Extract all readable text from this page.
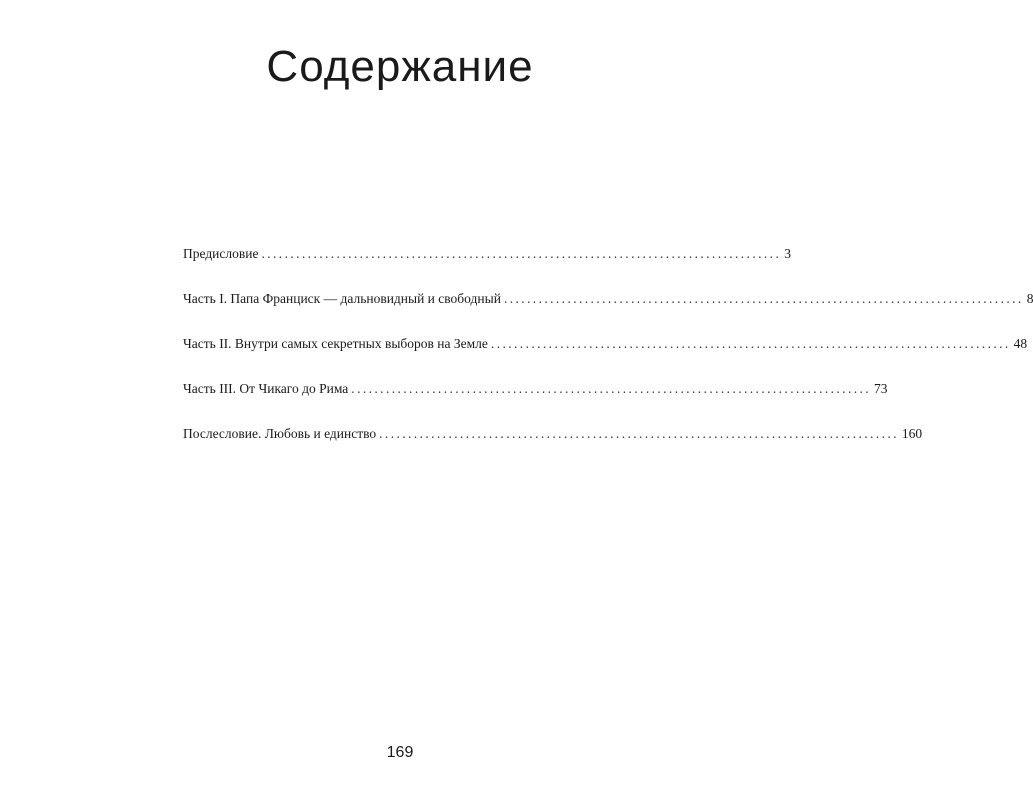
Содержание
Предисловие .......................................................................................... 3
Часть I. Папа Франциск — дальновидный и свободный .......................................................................................... 8
Часть II. Внутри самых секретных выборов на Земле .......................................................................................... 48
Часть III. От Чикаго до Рима .......................................................................................... 73
Послесловие. Любовь и единство .......................................................................................... 160
169
